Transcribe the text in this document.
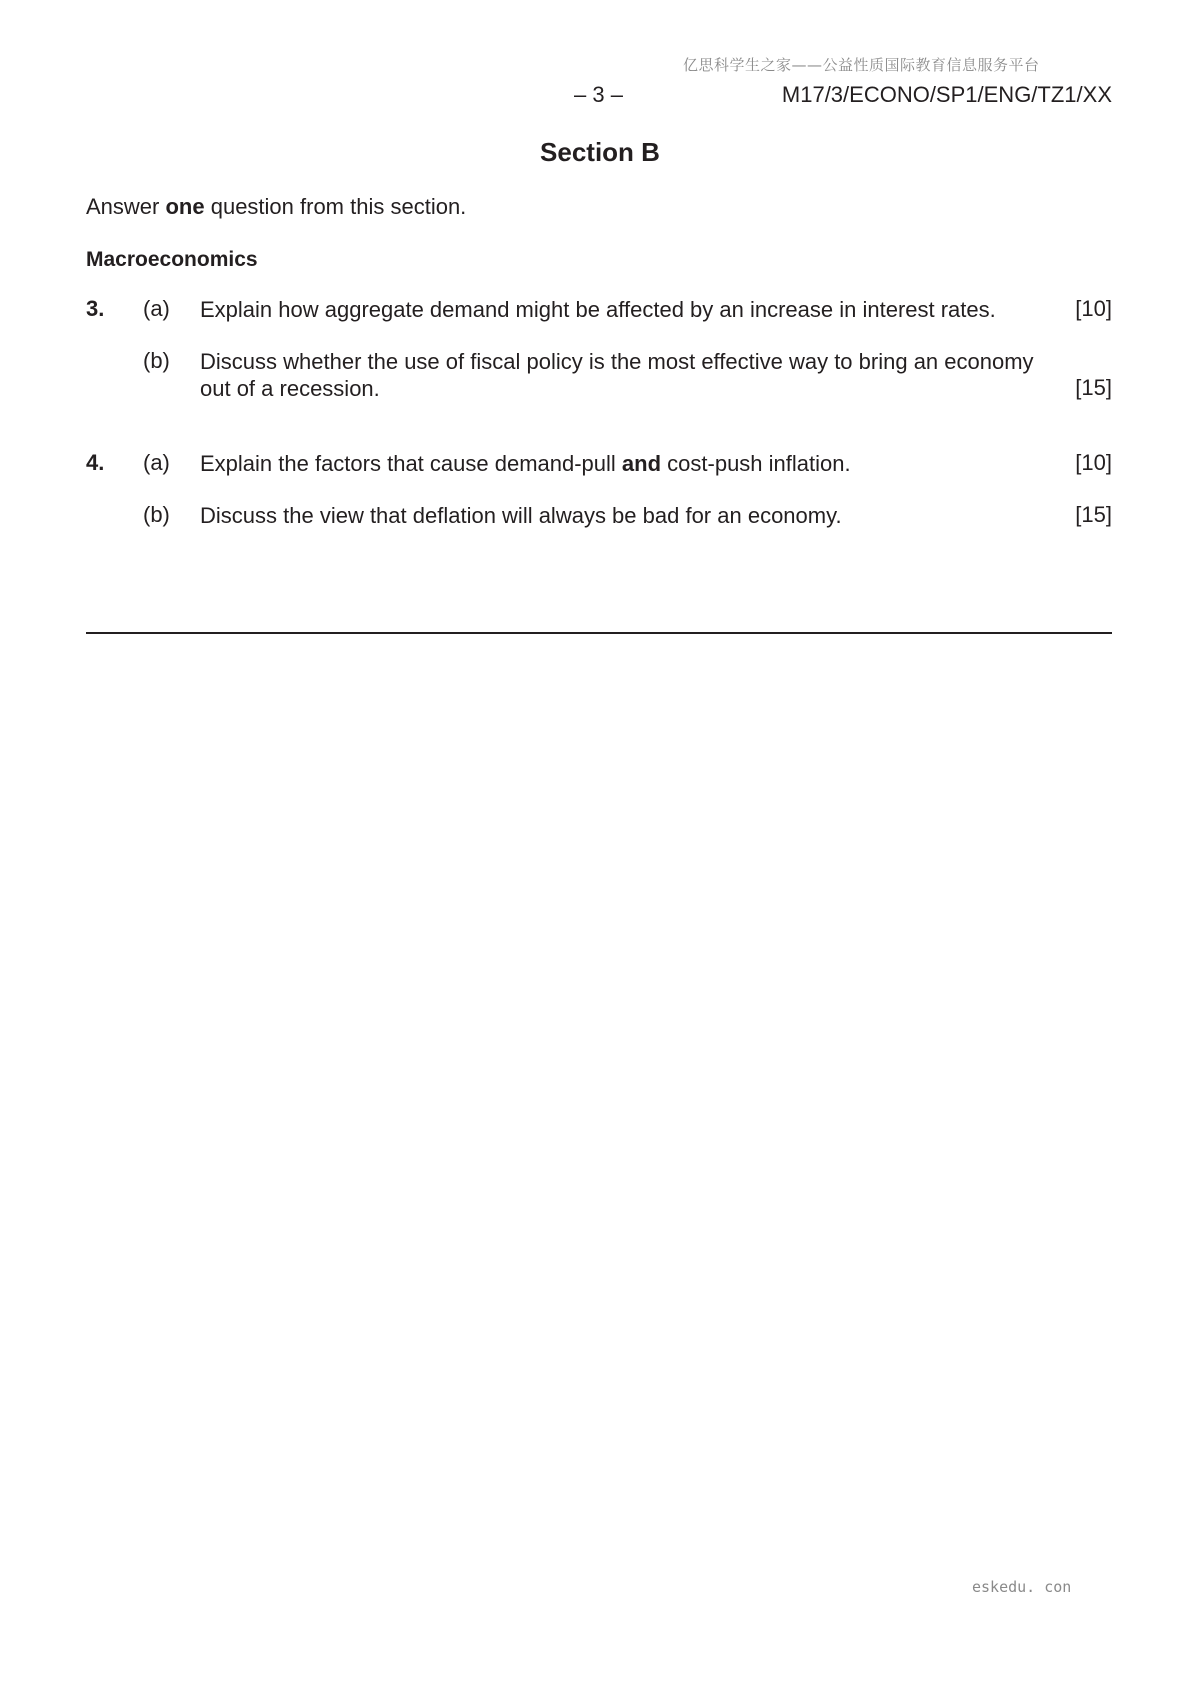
亿思科学生之家——公益性质国际教育信息服务平台
– 3 –	M17/3/ECONO/SP1/ENG/TZ1/XX
Section B
Answer one question from this section.
Macroeconomics
3. (a) Explain how aggregate demand might be affected by an increase in interest rates.	[10]
(b) Discuss whether the use of fiscal policy is the most effective way to bring an economy out of a recession.	[15]
4. (a) Explain the factors that cause demand-pull and cost-push inflation.	[10]
(b) Discuss the view that deflation will always be bad for an economy.	[15]
eskedu. con
